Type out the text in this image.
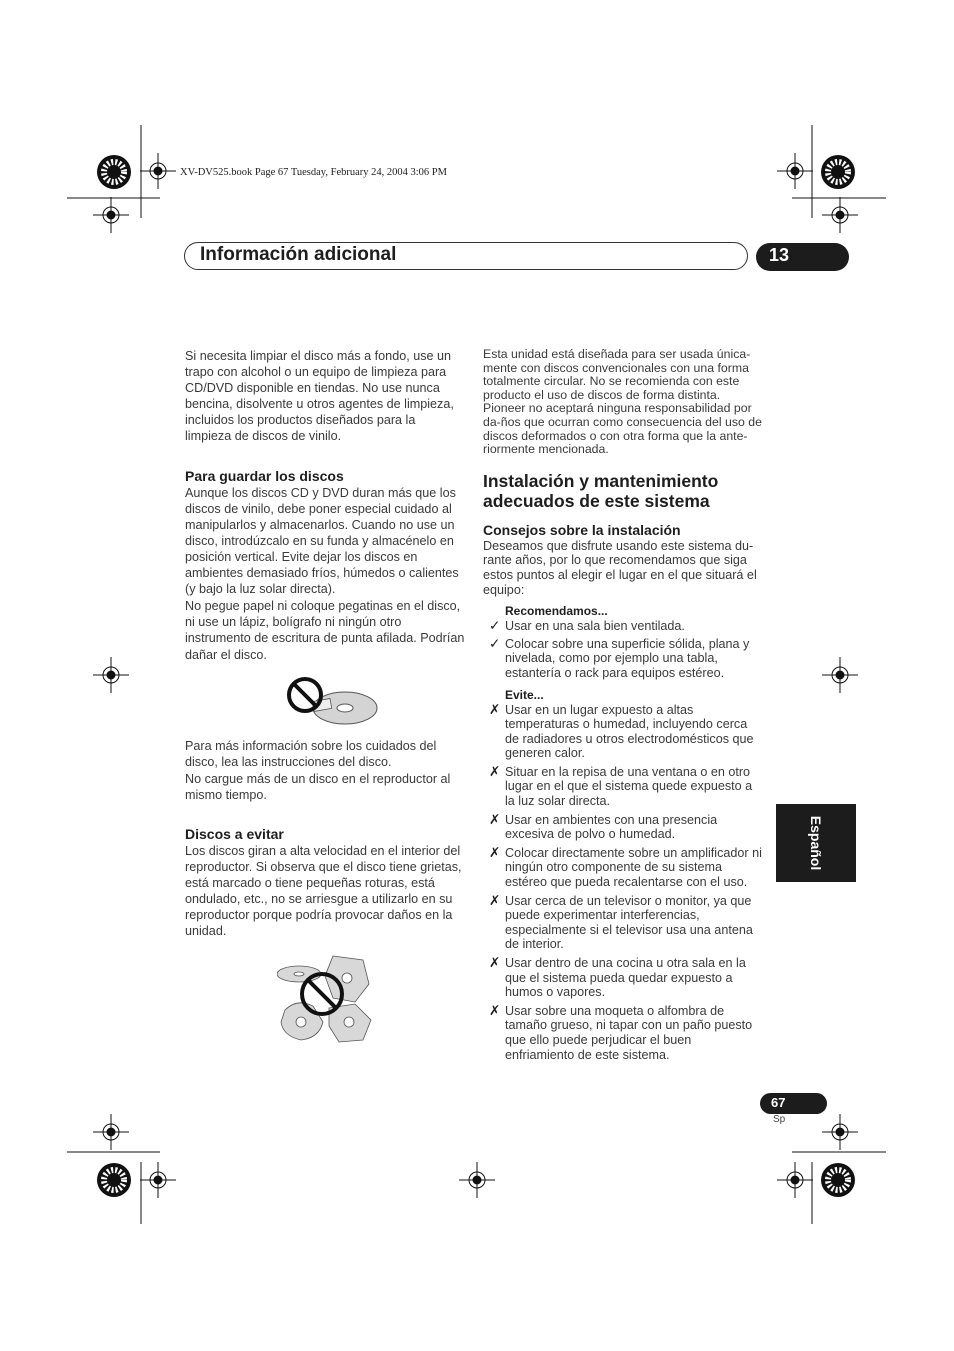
XV-DV525.book Page 67 Tuesday, February 24, 2004 3:06 PM
Información adicional	13

Si necesita limpiar el disco más a fondo, use un trapo con alcohol o un equipo de limpieza para CD/DVD disponible en tiendas. No use nunca bencina, disolvente u otros agentes de limpieza, incluidos los productos diseñados para la limpieza de discos de vinilo.

Para guardar los discos

Aunque los discos CD y DVD duran más que los discos de vinilo, debe poner especial cuidado al manipularlos y almacenarlos. Cuando no use un disco, introdúzcalo en su funda y almacénelo en posición vertical. Evite dejar los discos en ambientes demasiado fríos, húmedos o calientes (y bajo la luz solar directa).

No pegue papel ni coloque pegatinas en el disco, ni use un lápiz, bolígrafo ni ningún otro instrumento de escritura de punta afilada. Podrían dañar el disco.

Para más información sobre los cuidados del disco, lea las instrucciones del disco.

No cargue más de un disco en el reproductor al mismo tiempo.

Discos a evitar

Los discos giran a alta velocidad en el interior del reproductor. Si observa que el disco tiene grietas, está marcado o tiene pequeñas roturas, está ondulado, etc., no se arriesgue a utilizarlo en su reproductor porque podría provocar daños en la unidad.

Esta unidad está diseñada para ser usada única-mente con discos convencionales con una forma totalmente circular. No se recomienda con este producto el uso de discos de forma distinta. Pioneer no aceptará ninguna responsabilidad por da-ños que ocurran como consecuencia del uso de discos deformados o con otra forma que la ante-riormente mencionada.

Instalación y mantenimiento adecuados de este sistema
Consejos sobre la instalación

Deseamos que disfrute usando este sistema du-rante años, por lo que recomendamos que siga estos puntos al elegir el lugar en el que situará el equipo:

Recomendamos...
✓ Usar en una sala bien ventilada.
✓ Colocar sobre una superficie sólida, plana y nivelada, como por ejemplo una tabla, estantería o rack para equipos estéreo.
Evite...
✗ Usar en un lugar expuesto a altas temperaturas o humedad, incluyendo cerca de radiadores u otros electrodomésticos que generen calor.
✗ Situar en la repisa de una ventana o en otro lugar en el que el sistema quede expuesto a la luz solar directa.
✗ Usar en ambientes con una presencia excesiva de polvo o humedad.
✗ Colocar directamente sobre un amplificador ni ningún otro componente de su sistema estéreo que pueda recalentarse con el uso.
✗ Usar cerca de un televisor o monitor, ya que puede experimentar interferencias, especialmente si el televisor usa una antena de interior.
✗ Usar dentro de una cocina u otra sala en la que el sistema pueda quedar expuesto a humos o vapores.
✗ Usar sobre una moqueta o alfombra de tamaño grueso, ni tapar con un paño puesto que ello puede perjudicar el buen enfriamiento de este sistema.
Español
67
Sp
